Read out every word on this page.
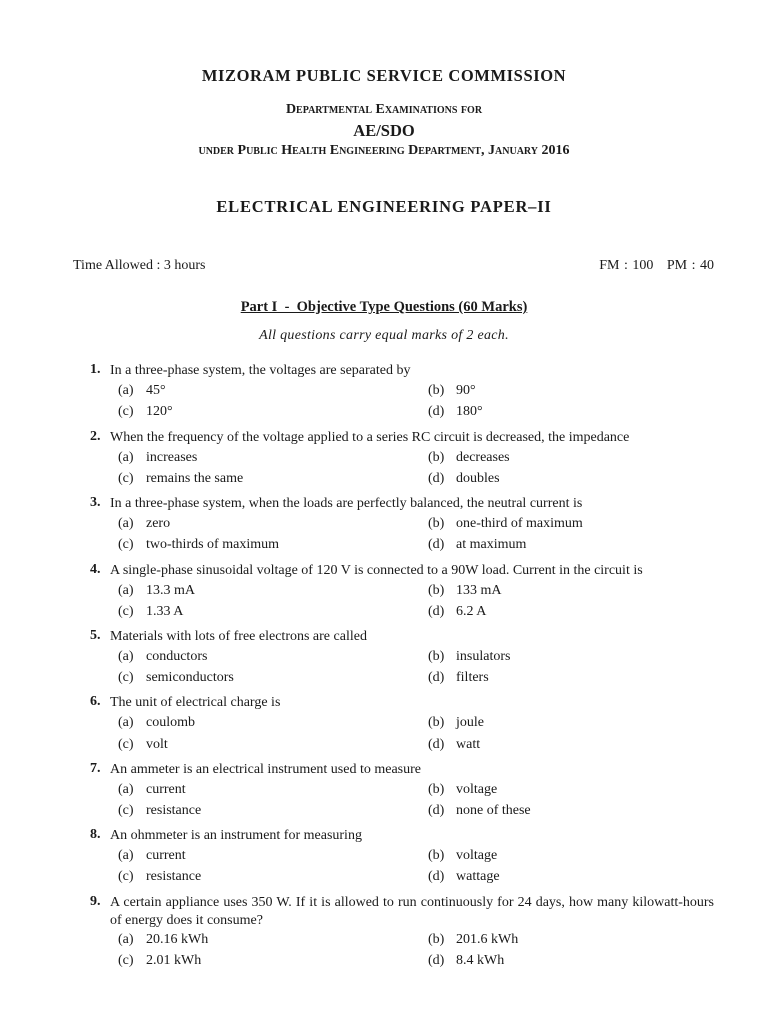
MIZORAM PUBLIC SERVICE COMMISSION
Departmental Examinations for
AE/SDO
under Public Health Engineering Department, January 2016
ELECTRICAL ENGINEERING PAPER–II
Time Allowed : 3 hours	FM : 100   PM : 40
Part I  -  Objective Type Questions (60 Marks)
All questions carry equal marks of 2 each.
1. In a three-phase system, the voltages are separated by
(a) 45°	(b) 90°
(c) 120°	(d) 180°
2. When the frequency of the voltage applied to a series RC circuit is decreased, the impedance
(a) increases	(b) decreases
(c) remains the same	(d) doubles
3. In a three-phase system, when the loads are perfectly balanced, the neutral current is
(a) zero	(b) one-third of maximum
(c) two-thirds of maximum	(d) at maximum
4. A single-phase sinusoidal voltage of 120 V is connected to a 90W load. Current in the circuit is
(a) 13.3 mA	(b) 133 mA
(c) 1.33 A	(d) 6.2 A
5. Materials with lots of free electrons are called
(a) conductors	(b) insulators
(c) semiconductors	(d) filters
6. The unit of electrical charge is
(a) coulomb	(b) joule
(c) volt	(d) watt
7. An ammeter is an electrical instrument used to measure
(a) current	(b) voltage
(c) resistance	(d) none of these
8. An ohmmeter is an instrument for measuring
(a) current	(b) voltage
(c) resistance	(d) wattage
9. A certain appliance uses 350 W. If it is allowed to run continuously for 24 days, how many kilowatt-hours of energy does it consume?
(a) 20.16 kWh	(b) 201.6 kWh
(c) 2.01 kWh	(d) 8.4 kWh
